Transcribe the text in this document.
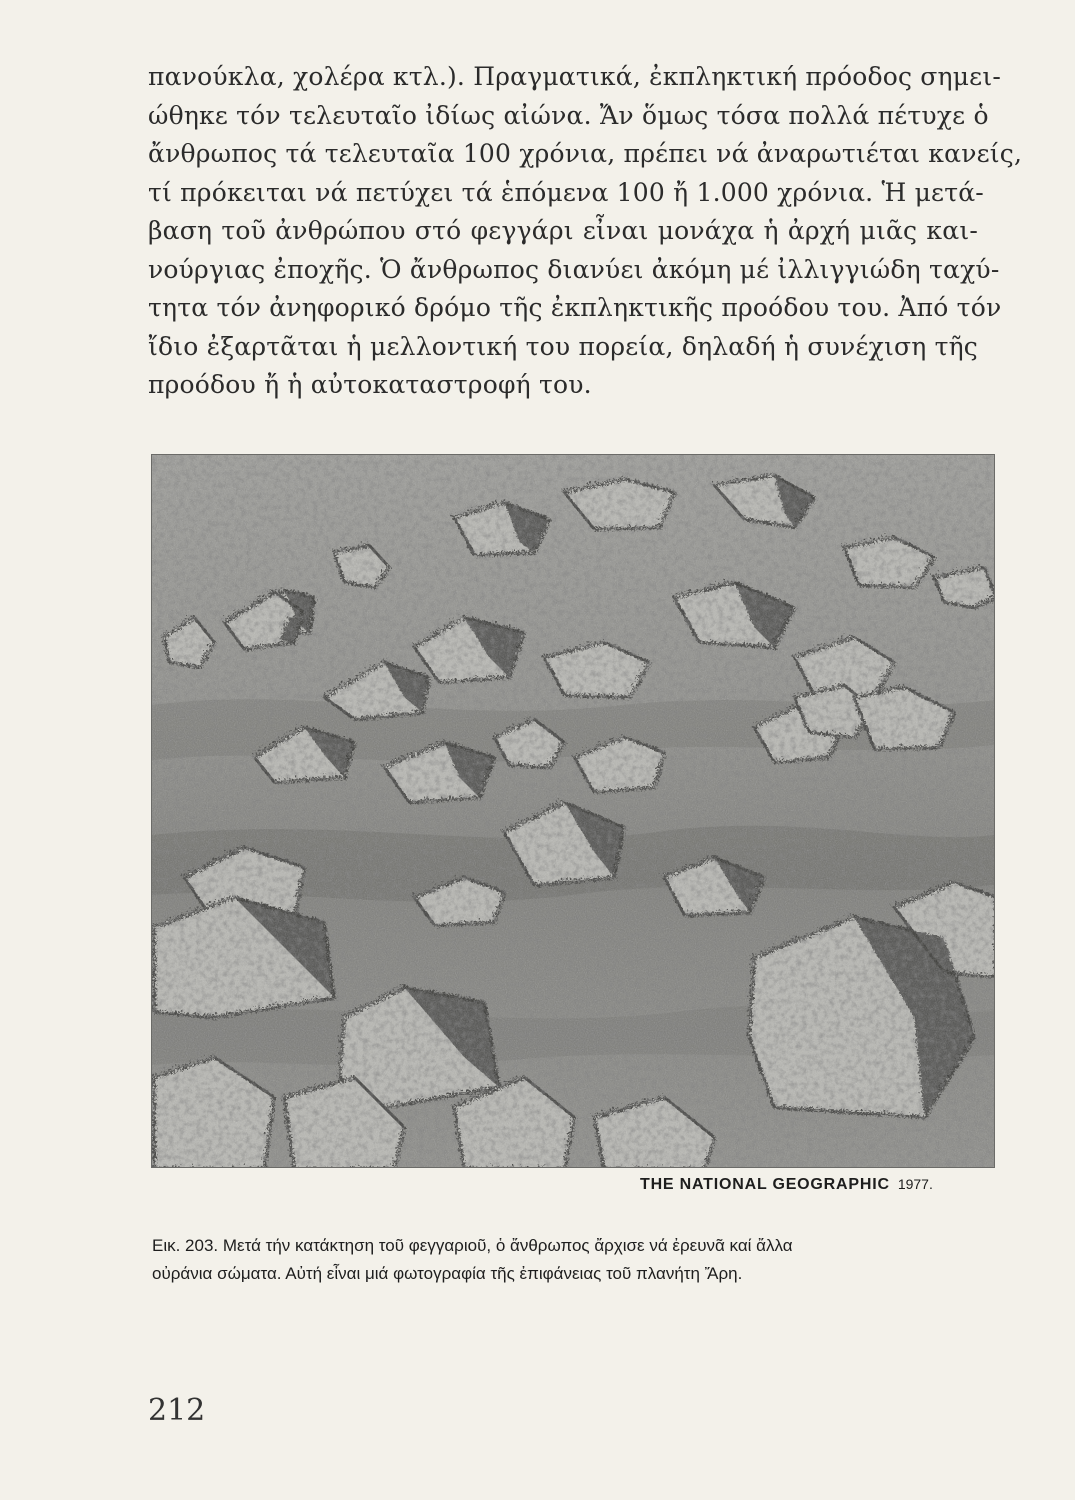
πανούκλα, χολέρα κτλ.). Πραγματικά, ἐκπληκτική πρόοδος σημει-
ώθηκε τόν τελευταῖο ἰδίως αἰώνα. Ἄν ὅμως τόσα πολλά πέτυχε ὁ
ἄνθρωπος τά τελευταῖα 100 χρόνια, πρέπει νά ἀναρωτιέται κανείς,
τί πρόκειται νά πετύχει τά ἑπόμενα 100 ἤ 1.000 χρόνια. Ἡ μετά-
βαση τοῦ ἀνθρώπου στό φεγγάρι εἶναι μονάχα ἡ ἀρχή μιᾶς και-
νούργιας ἐποχῆς. Ὁ ἄνθρωπος διανύει ἀκόμη μέ ἰλλιγγιώδη ταχύ-
τητα τόν ἀνηφορικό δρόμο τῆς ἐκπληκτικῆς προόδου του. Ἀπό τόν
ἴδιο ἐξαρτᾶται ἡ μελλοντική του πορεία, δηλαδή ἡ συνέχιση τῆς
προόδου ἤ ἡ αὐτοκαταστροφή του.
THE NATIONAL GEOGRAPHIC 1977.

Εικ. 203. Μετά τήν κατάκτηση τοῦ φεγγαριοῦ, ὁ ἄνθρωπος ἄρχισε νά ἐρευνᾶ καί ἄλλα
οὐράνια σώματα. Αὐτή εἶναι μιά φωτογραφία τῆς ἐπιφάνειας τοῦ πλανήτη Ἄρη.

212
